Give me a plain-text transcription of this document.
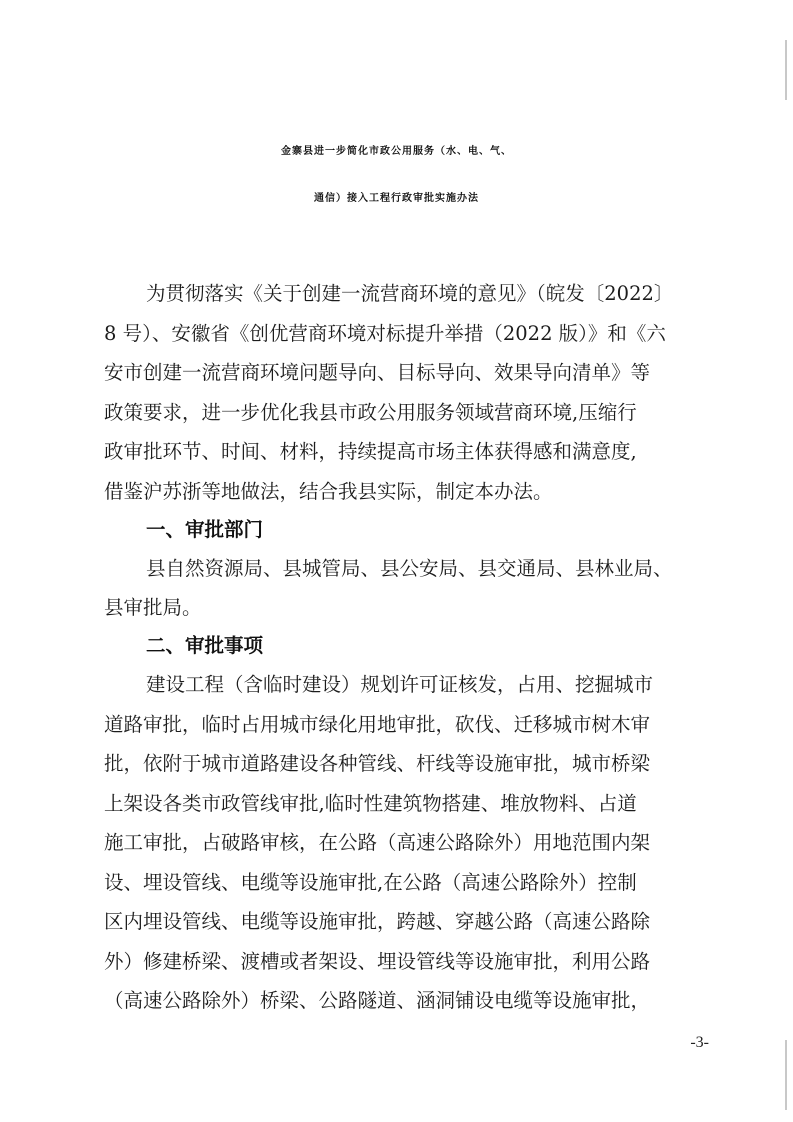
金寨县进一步简化市政公用服务（水、电、气、
通信）接入工程行政审批实施办法
为贯彻落实《关于创建一流营商环境的意见》（皖发〔2022〕
8 号）、安徽省《创优营商环境对标提升举措（2022 版）》和《六
安市创建一流营商环境问题导向、目标导向、效果导向清单》等
政策要求，进一步优化我县市政公用服务领域营商环境,压缩行
政审批环节、时间、材料，持续提高市场主体获得感和满意度,
借鉴沪苏浙等地做法，结合我县实际，制定本办法。
一、审批部门
县自然资源局、县城管局、县公安局、县交通局、县林业局、
县审批局。
二、审批事项
建设工程（含临时建设）规划许可证核发，占用、挖掘城市
道路审批，临时占用城市绿化用地审批，砍伐、迁移城市树木审
批，依附于城市道路建设各种管线、杆线等设施审批，城市桥梁
上架设各类市政管线审批,临时性建筑物搭建、堆放物料、占道
施工审批，占破路审核，在公路（高速公路除外）用地范围内架
设、埋设管线、电缆等设施审批,在公路（高速公路除外）控制
区内埋设管线、电缆等设施审批，跨越、穿越公路（高速公路除
外）修建桥梁、渡槽或者架设、埋设管线等设施审批，利用公路
（高速公路除外）桥梁、公路隧道、涵洞铺设电缆等设施审批，
-3-
